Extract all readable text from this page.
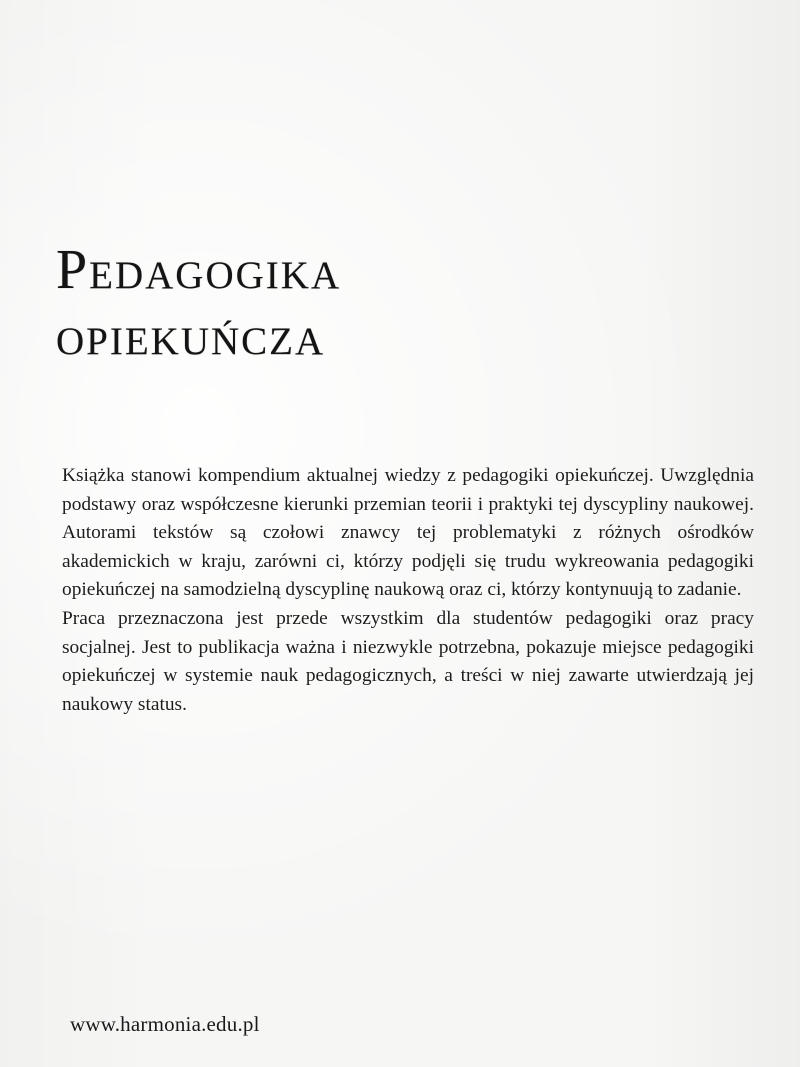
Pedagogika
opiekuńcza

Książka stanowi kompendium aktualnej wiedzy z pedagogiki opiekuńczej. Uwzględnia podstawy oraz współczesne kierunki przemian teorii i praktyki tej dyscypliny naukowej. Autorami tekstów są czołowi znawcy tej problematyki z różnych ośrodków akademickich w kraju, zarówni ci, którzy podjęli się trudu wykreowania pedagogiki opiekuńczej na samodzielną dyscyplinę naukową oraz ci, którzy kontynuują to zadanie.

Praca przeznaczona jest przede wszystkim dla studentów pedagogiki oraz pracy socjalnej. Jest to publikacja ważna i niezwykle potrzebna, pokazuje miejsce pedagogiki opiekuńczej w systemie nauk pedagogicznych, a treści w niej zawarte utwierdzają jej naukowy status.

www.harmonia.edu.pl
